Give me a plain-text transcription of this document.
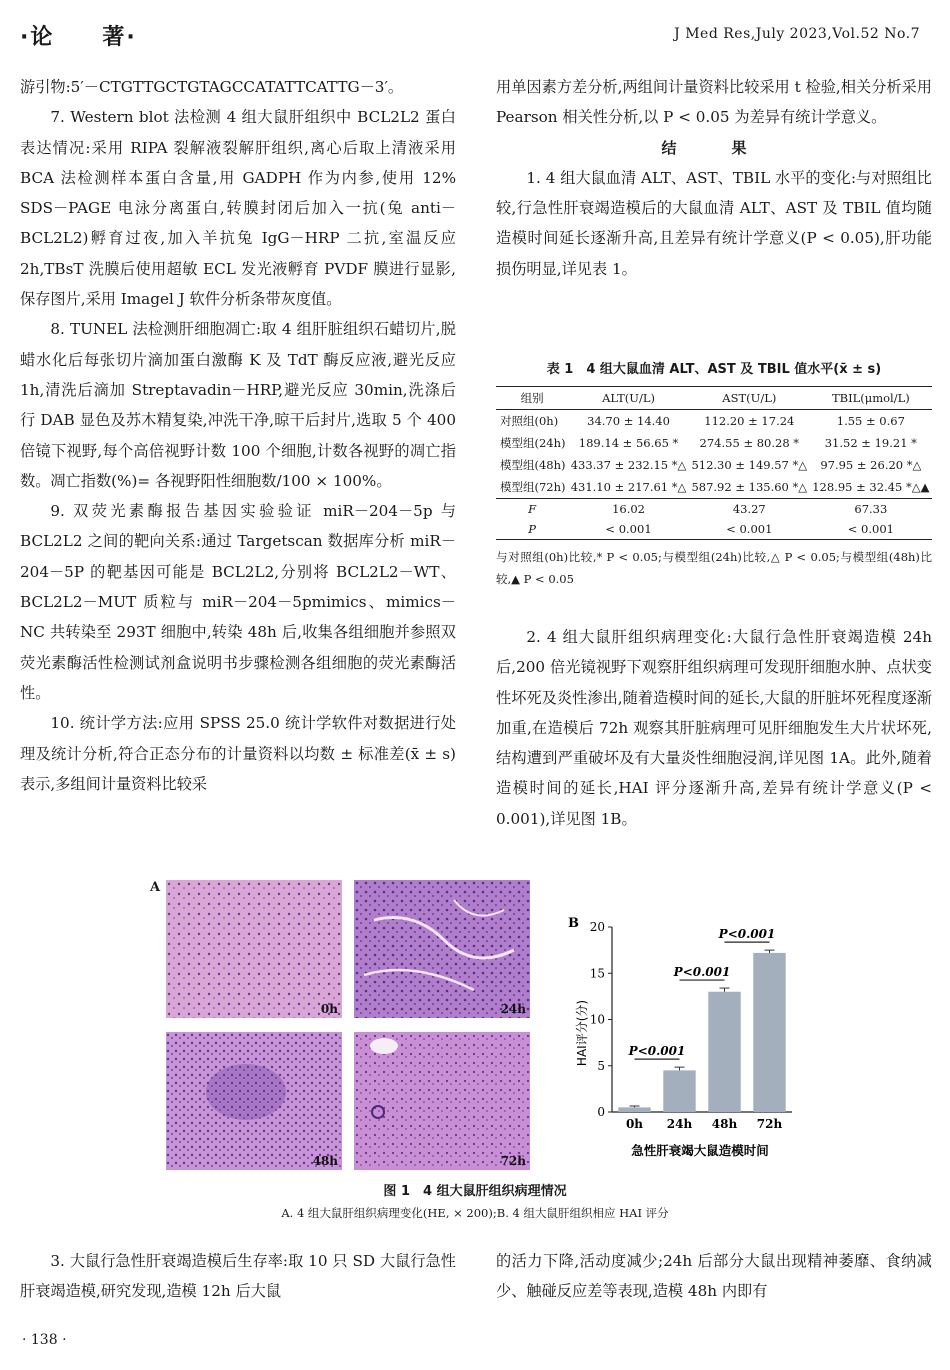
·论　　著·	J Med Res,July 2023,Vol.52 No.7

游引物:5′－CTGTTGCTGTAGCCATATTCATTG－3′。

7. Western blot 法检测 4 组大鼠肝组织中 BCL2L2 蛋白表达情况:采用 RIPA 裂解液裂解肝组织,离心后取上清液采用 BCA 法检测样本蛋白含量,用 GADPH 作为内参,使用 12% SDS－PAGE 电泳分离蛋白,转膜封闭后加入一抗(兔 anti－BCL2L2)孵育过夜,加入羊抗兔 IgG－HRP 二抗,室温反应 2h,TBsT 洗膜后使用超敏 ECL 发光液孵育 PVDF 膜进行显影,保存图片,采用 Imagel J 软件分析条带灰度值。

8. TUNEL 法检测肝细胞凋亡:取 4 组肝脏组织石蜡切片,脱蜡水化后每张切片滴加蛋白激酶 K 及 TdT 酶反应液,避光反应 1h,清洗后滴加 Streptavadin－HRP,避光反应 30min,洗涤后行 DAB 显色及苏木精复染,冲洗干净,晾干后封片,选取 5 个 400 倍镜下视野,每个高倍视野计数 100 个细胞,计数各视野的凋亡指数。凋亡指数(%)= 各视野阳性细胞数/100 × 100%。

9. 双荧光素酶报告基因实验验证 miR－204－5p 与 BCL2L2 之间的靶向关系:通过 Targetscan 数据库分析 miR－204－5P 的靶基因可能是 BCL2L2,分别将 BCL2L2－WT、BCL2L2－MUT 质粒与 miR－204－5pmimics、mimics－NC 共转染至 293T 细胞中,转染 48h 后,收集各组细胞并参照双荧光素酶活性检测试剂盒说明书步骤检测各组细胞的荧光素酶活性。

10. 统计学方法:应用 SPSS 25.0 统计学软件对数据进行处理及统计分析,符合正态分布的计量资料以均数 ± 标准差(x̄ ± s)表示,多组间计量资料比较采

用单因素方差分析,两组间计量资料比较采用 t 检验,相关分析采用 Pearson 相关性分析,以 P < 0.05 为差异有统计学意义。

结　果

1. 4 组大鼠血清 ALT、AST、TBIL 水平的变化:与对照组比较,行急性肝衰竭造模后的大鼠血清 ALT、AST 及 TBIL 值均随造模时间延长逐渐升高,且差异有统计学意义(P < 0.05),肝功能损伤明显,详见表 1。

表 1　4 组大鼠血清 ALT、AST 及 TBIL 值水平(x̄ ± s)
组别	ALT(U/L)	AST(U/L)	TBIL(μmol/L)
对照组(0h)	34.70 ± 14.40	112.20 ± 17.24	1.55 ± 0.67
模型组(24h)	189.14 ± 56.65 *	274.55 ± 80.28 *	31.52 ± 19.21 *
模型组(48h)	433.37 ± 232.15 *△	512.30 ± 149.57 *△	97.95 ± 26.20 *△
模型组(72h)	431.10 ± 217.61 *△	587.92 ± 135.60 *△	128.95 ± 32.45 *△▲
F	16.02	43.27	67.33
P	< 0.001	< 0.001	< 0.001
与对照组(0h)比较,* P < 0.05;与模型组(24h)比较,△ P < 0.05;与模型组(48h)比较,▲ P < 0.05

2. 4 组大鼠肝组织病理变化:大鼠行急性肝衰竭造模 24h 后,200 倍光镜视野下观察肝组织病理可发现肝细胞水肿、点状变性坏死及炎性渗出,随着造模时间的延长,大鼠的肝脏坏死程度逐渐加重,在造模后 72h 观察其肝脏病理可见肝细胞发生大片状坏死,结构遭到严重破坏及有大量炎性细胞浸润,详见图 1A。此外,随着造模时间的延长,HAI 评分逐渐升高,差异有统计学意义(P < 0.001),详见图 1B。

A
0h	24h
48h	72h
B
HAI评分(分)
急性肝衰竭大鼠造模时间
0
5
10
15
20
0h 24h 48h 72h
P<0.001
P<0.001
P<0.001
图 1　4 组大鼠肝组织病理情况
A. 4 组大鼠肝组织病理变化(HE, × 200);B. 4 组大鼠肝组织相应 HAI 评分

3. 大鼠行急性肝衰竭造模后生存率:取 10 只 SD 大鼠行急性肝衰竭造模,研究发现,造模 12h 后大鼠

的活力下降,活动度减少;24h 后部分大鼠出现精神萎靡、食纳减少、触碰反应差等表现,造模 48h 内即有

· 138 ·
